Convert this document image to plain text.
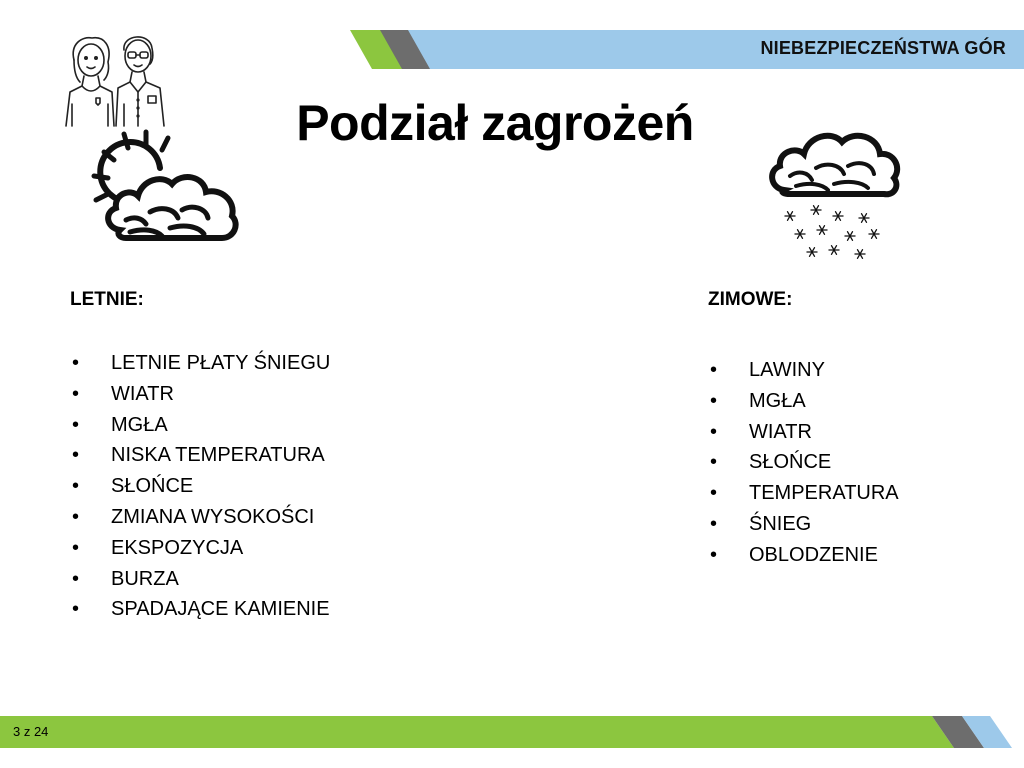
NIEBEZPIECZEŃSTWA GÓR
Podział zagrożeń

LETNIE:

• LETNIE PŁATY ŚNIEGU
• WIATR
• MGŁA
• NISKA TEMPERATURA
• SŁOŃCE
• ZMIANA WYSOKOŚCI
• EKSPOZYCJA
• BURZA
• SPADAJĄCE KAMIENIE

ZIMOWE:

• LAWINY
• MGŁA
• WIATR
• SŁOŃCE
• TEMPERATURA
• ŚNIEG
• OBLODZENIE
3 z 24
